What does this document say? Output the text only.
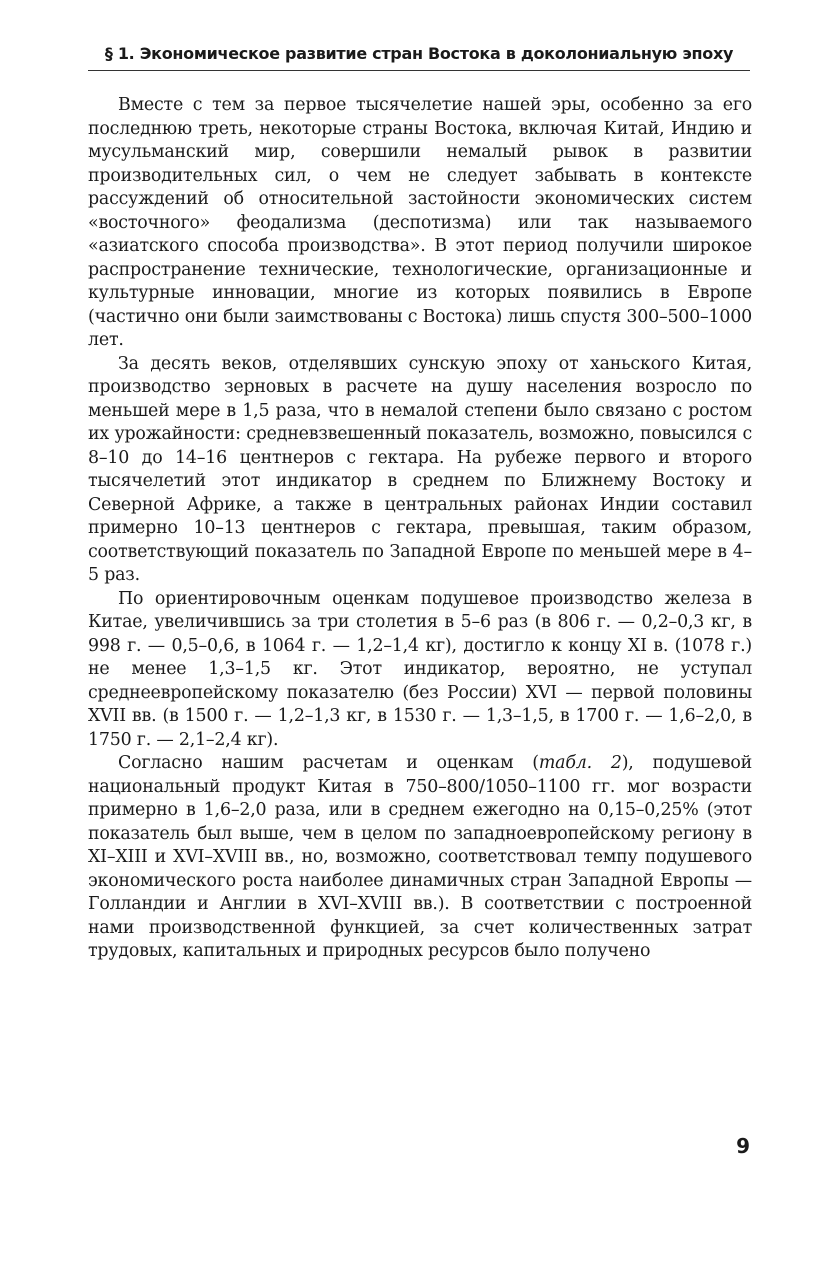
§ 1. Экономическое развитие стран Востока в доколониальную эпоху

Вместе с тем за первое тысячелетие нашей эры, особенно за его последнюю треть, некоторые страны Востока, включая Китай, Индию и мусульманский мир, совершили немалый рывок в развитии производительных сил, о чем не следует забывать в контексте рассуждений об относительной застойности экономических систем «восточного» феодализма (деспотизма) или так называемого «азиатского способа производства». В этот период получили широкое распространение технические, технологические, организационные и культурные инновации, многие из которых появились в Европе (частично они были заимствованы с Востока) лишь спустя 300–500–1000 лет.

За десять веков, отделявших сунскую эпоху от ханьского Китая, производство зерновых в расчете на душу населения возросло по меньшей мере в 1,5 раза, что в немалой степени было связано с ростом их урожайности: средневзвешенный показатель, возможно, повысился с 8–10 до 14–16 центнеров с гектара. На рубеже первого и второго тысячелетий этот индикатор в среднем по Ближнему Востоку и Северной Африке, а также в центральных районах Индии составил примерно 10–13 центнеров с гектара, превышая, таким образом, соответствующий показатель по Западной Европе по меньшей мере в 4–5 раз.

По ориентировочным оценкам подушевое производство железа в Китае, увеличившись за три столетия в 5–6 раз (в 806 г. — 0,2–0,3 кг, в 998 г. — 0,5–0,6, в 1064 г. — 1,2–1,4 кг), достигло к концу XI в. (1078 г.) не менее 1,3–1,5 кг. Этот индикатор, вероятно, не уступал среднеевропейскому показателю (без России) XVI — первой половины XVII вв. (в 1500 г. — 1,2–1,3 кг, в 1530 г. — 1,3–1,5, в 1700 г. — 1,6–2,0, в 1750 г. — 2,1–2,4 кг).

Согласно нашим расчетам и оценкам (табл. 2), подушевой национальный продукт Китая в 750–800/1050–1100 гг. мог возрасти примерно в 1,6–2,0 раза, или в среднем ежегодно на 0,15–0,25% (этот показатель был выше, чем в целом по западноевропейскому региону в XI–XIII и XVI–XVIII вв., но, возможно, соответствовал темпу подушевого экономического роста наиболее динамичных стран Западной Европы — Голландии и Англии в XVI–XVIII вв.). В соответствии с построенной нами производственной функцией, за счет количественных затрат трудовых, капитальных и природных ресурсов было получено

9
